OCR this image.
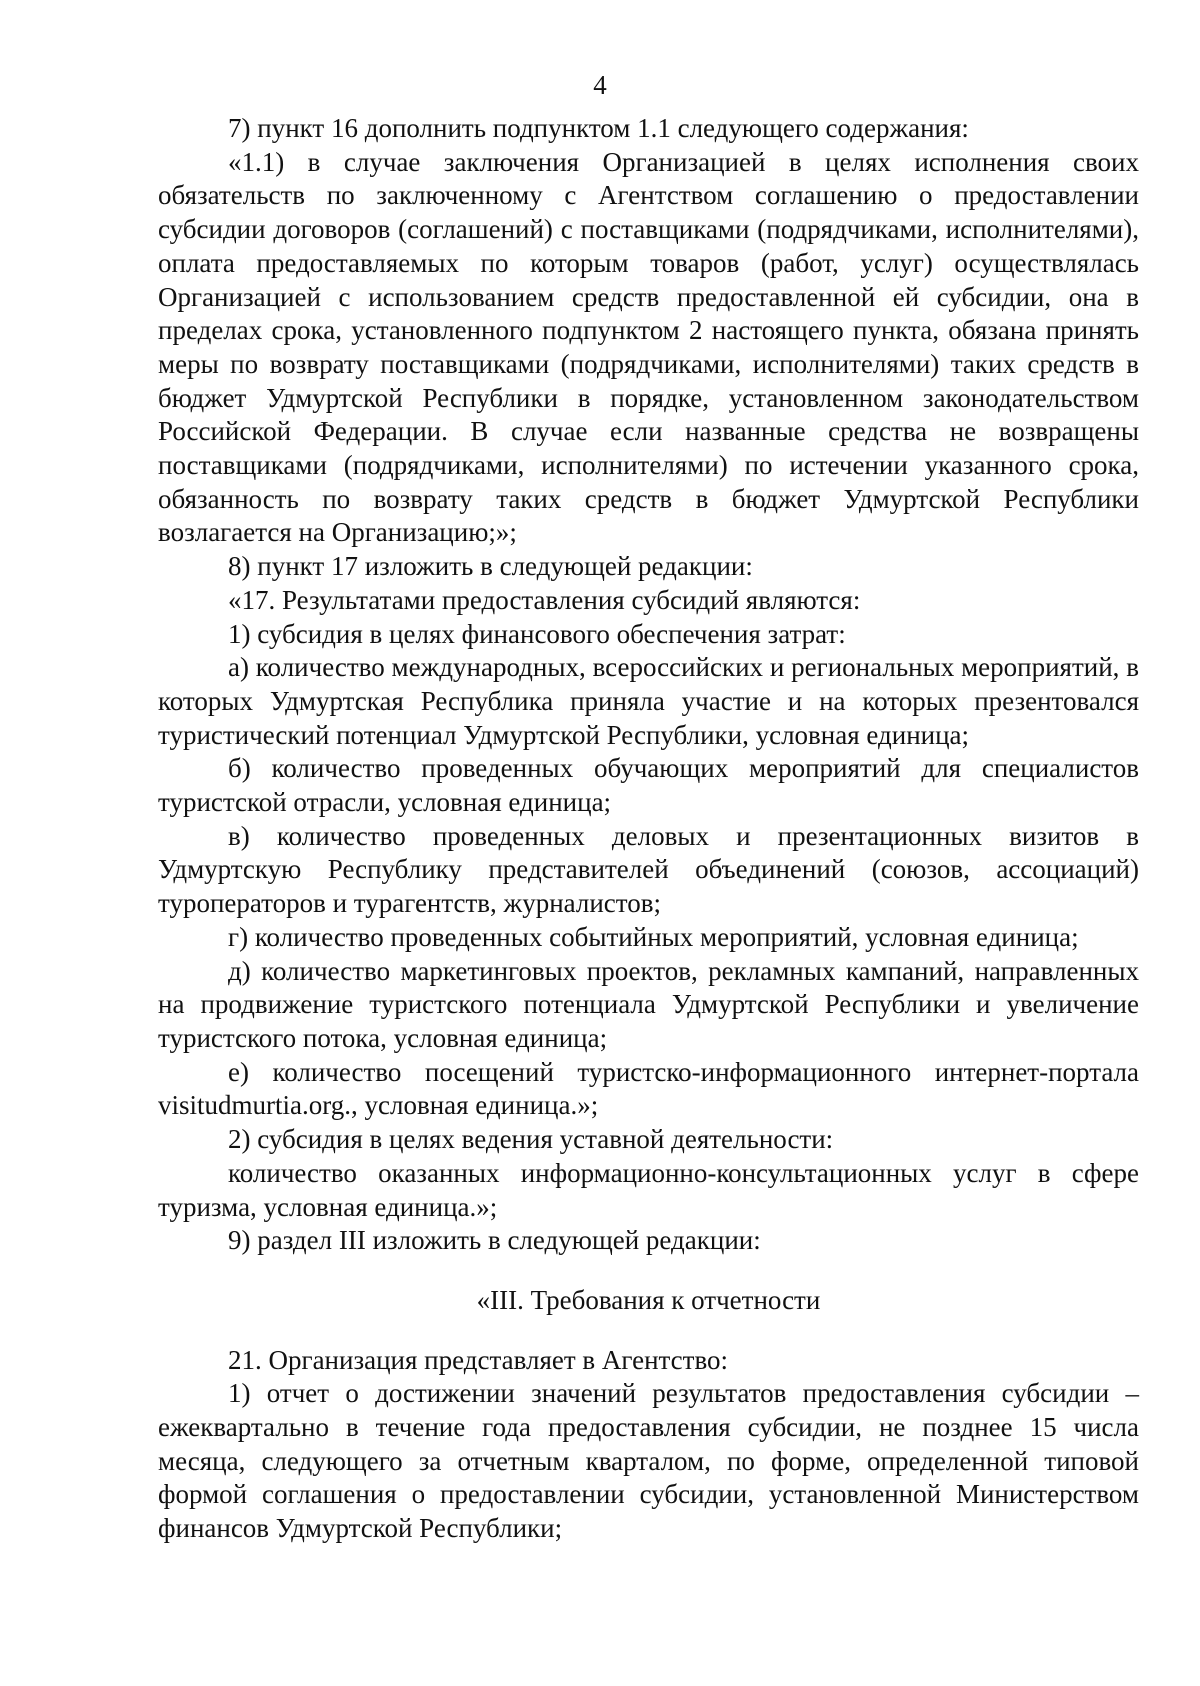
4

7) пункт 16 дополнить подпунктом 1.1 следующего содержания:

«1.1) в случае заключения Организацией в целях исполнения своих обязательств по заключенному с Агентством соглашению о предоставлении субсидии договоров (соглашений) с поставщиками (подрядчиками, исполнителями), оплата предоставляемых по которым товаров (работ, услуг) осуществлялась Организацией с использованием средств предоставленной ей субсидии, она в пределах срока, установленного подпунктом 2 настоящего пункта, обязана принять меры по возврату поставщиками (подрядчиками, исполнителями) таких средств в бюджет Удмуртской Республики в порядке, установленном законодательством Российской Федерации. В случае если названные средства не возвращены поставщиками (подрядчиками, исполнителями) по истечении указанного срока, обязанность по возврату таких средств в бюджет Удмуртской Республики возлагается на Организацию;»;

8) пункт 17 изложить в следующей редакции:

«17. Результатами предоставления субсидий являются:

1) субсидия в целях финансового обеспечения затрат:

а) количество международных, всероссийских и региональных мероприятий, в которых Удмуртская Республика приняла участие и на которых презентовался туристический потенциал Удмуртской Республики, условная единица;

б) количество проведенных обучающих мероприятий для специалистов туристской отрасли, условная единица;

в) количество проведенных деловых и презентационных визитов в Удмуртскую Республику представителей объединений (союзов, ассоциаций) туроператоров и турагентств, журналистов;

г) количество проведенных событийных мероприятий, условная единица;

д) количество маркетинговых проектов, рекламных кампаний, направленных на продвижение туристского потенциала Удмуртской Республики и увеличение туристского потока, условная единица;

е) количество посещений туристско-информационного интернет-портала visitudmurtia.org., условная единица.»;

2) субсидия в целях ведения уставной деятельности:

количество оказанных информационно-консультационных услуг в сфере туризма, условная единица.»;

9) раздел III изложить в следующей редакции:

«III. Требования к отчетности

21. Организация представляет в Агентство:

1) отчет о достижении значений результатов предоставления субсидии – ежеквартально в течение года предоставления субсидии, не позднее 15 числа месяца, следующего за отчетным кварталом, по форме, определенной типовой формой соглашения о предоставлении субсидии, установленной Министерством финансов Удмуртской Республики;
